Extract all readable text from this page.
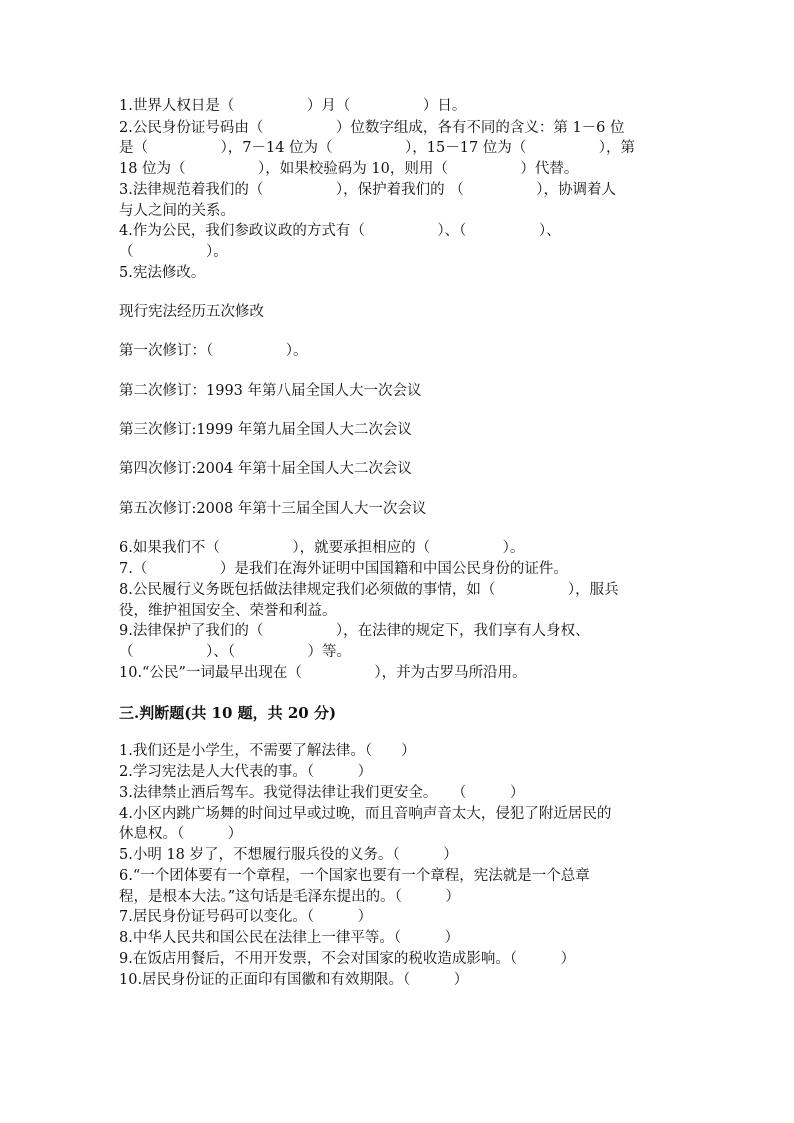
1.世界人权日是（　　　　　）月（　　　　　）日。
2.公民身份证号码由（　　　　　）位数字组成，各有不同的含义：第 1－6 位
是（　　　　　），7－14 位为（　　　　　），15－17 位为（　　　　　），第
18 位为（　　　　　），如果校验码为 10，则用（　　　　　）代替。
3.法律规范着我们的（　　　　　），保护着我们的 （　　　　　），协调着人
与人之间的关系。
4.作为公民，我们参政议政的方式有（　　　　　）、（　　　　　）、
（　　　　　）。
5.宪法修改。
现行宪法经历五次修改
第一次修订：（　　　　　）。
第二次修订：1993 年第八届全国人大一次会议
第三次修订:1999 年第九届全国人大二次会议
第四次修订:2004 年第十届全国人大二次会议
第五次修订:2008 年第十三届全国人大一次会议
6.如果我们不（　　　　　），就要承担相应的（　　　　　）。
7.（　　　　　）是我们在海外证明中国国籍和中国公民身份的证件。
8.公民履行义务既包括做法律规定我们必须做的事情，如（　　　　　），服兵
役，维护祖国安全、荣誉和利益。
9.法律保护了我们的（　　　　　），在法律的规定下，我们享有人身权、
（　　　　　）、（　　　　　）等。
10.“公民”一词最早出现在（　　　　　），并为古罗马所沿用。
三.判断题(共 10 题，共 20 分)
1.我们还是小学生，不需要了解法律。（　　）
2.学习宪法是人大代表的事。（　　　）
3.法律禁止酒后驾车。我觉得法律让我们更安全。　　（　　　）
4.小区内跳广场舞的时间过早或过晚，而且音响声音太大，侵犯了附近居民的
休息权。（　　　）
5.小明 18 岁了，不想履行服兵役的义务。（　　　）
6.“一个团体要有一个章程，一个国家也要有一个章程，宪法就是一个总章
程，是根本大法。”这句话是毛泽东提出的。（　　　）
7.居民身份证号码可以变化。（　　　）
8.中华人民共和国公民在法律上一律平等。（　　　）
9.在饭店用餐后，不用开发票，不会对国家的税收造成影响。（　　　）
10.居民身份证的正面印有国徽和有效期限。（　　　）
